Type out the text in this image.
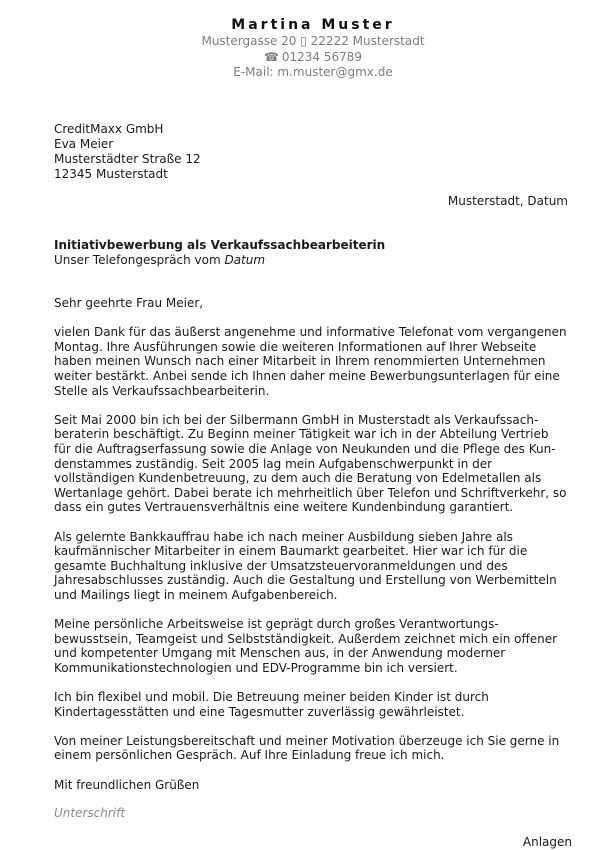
Martina Muster
Mustergasse 20 ▯ 22222 Musterstadt
☎ 01234 56789
E-Mail: m.muster@gmx.de
CreditMaxx GmbH
Eva Meier
Musterstädter Straße 12
12345 Musterstadt
Musterstadt, Datum
Initiativbewerbung als Verkaufssachbearbeiterin
Unser Telefongespräch vom Datum
Sehr geehrte Frau Meier,
vielen Dank für das äußerst angenehme und informative Telefonat vom vergangenen
Montag. Ihre Ausführungen sowie die weiteren Informationen auf Ihrer Webseite
haben meinen Wunsch nach einer Mitarbeit in Ihrem renommierten Unternehmen
weiter bestärkt. Anbei sende ich Ihnen daher meine Bewerbungsunterlagen für eine
Stelle als Verkaufssachbearbeiterin.
Seit Mai 2000 bin ich bei der Silbermann GmbH in Musterstadt als Verkaufssach-
beraterin beschäftigt. Zu Beginn meiner Tätigkeit war ich in der Abteilung Vertrieb
für die Auftragserfassung sowie die Anlage von Neukunden und die Pflege des Kun-
denstammes zuständig. Seit 2005 lag mein Aufgabenschwerpunkt in der
vollständigen Kundenbetreuung, zu dem auch die Beratung von Edelmetallen als
Wertanlage gehört. Dabei berate ich mehrheitlich über Telefon und Schriftverkehr, so
dass ein gutes Vertrauensverhältnis eine weitere Kundenbindung garantiert.
Als gelernte Bankkauffrau habe ich nach meiner Ausbildung sieben Jahre als
kaufmännischer Mitarbeiter in einem Baumarkt gearbeitet. Hier war ich für die
gesamte Buchhaltung inklusive der Umsatzsteuervoranmeldungen und des
Jahresabschlusses zuständig. Auch die Gestaltung und Erstellung von Werbemitteln
und Mailings liegt in meinem Aufgabenbereich.
Meine persönliche Arbeitsweise ist geprägt durch großes Verantwortungs-
bewusstsein, Teamgeist und Selbstständigkeit. Außerdem zeichnet mich ein offener
und kompetenter Umgang mit Menschen aus, in der Anwendung moderner
Kommunikationstechnologien und EDV-Programme bin ich versiert.
Ich bin flexibel und mobil. Die Betreuung meiner beiden Kinder ist durch
Kindertagesstätten und eine Tagesmutter zuverlässig gewährleistet.
Von meiner Leistungsbereitschaft und meiner Motivation überzeuge ich Sie gerne in
einem persönlichen Gespräch. Auf Ihre Einladung freue ich mich.
Mit freundlichen Grüßen
Unterschrift
Anlagen
